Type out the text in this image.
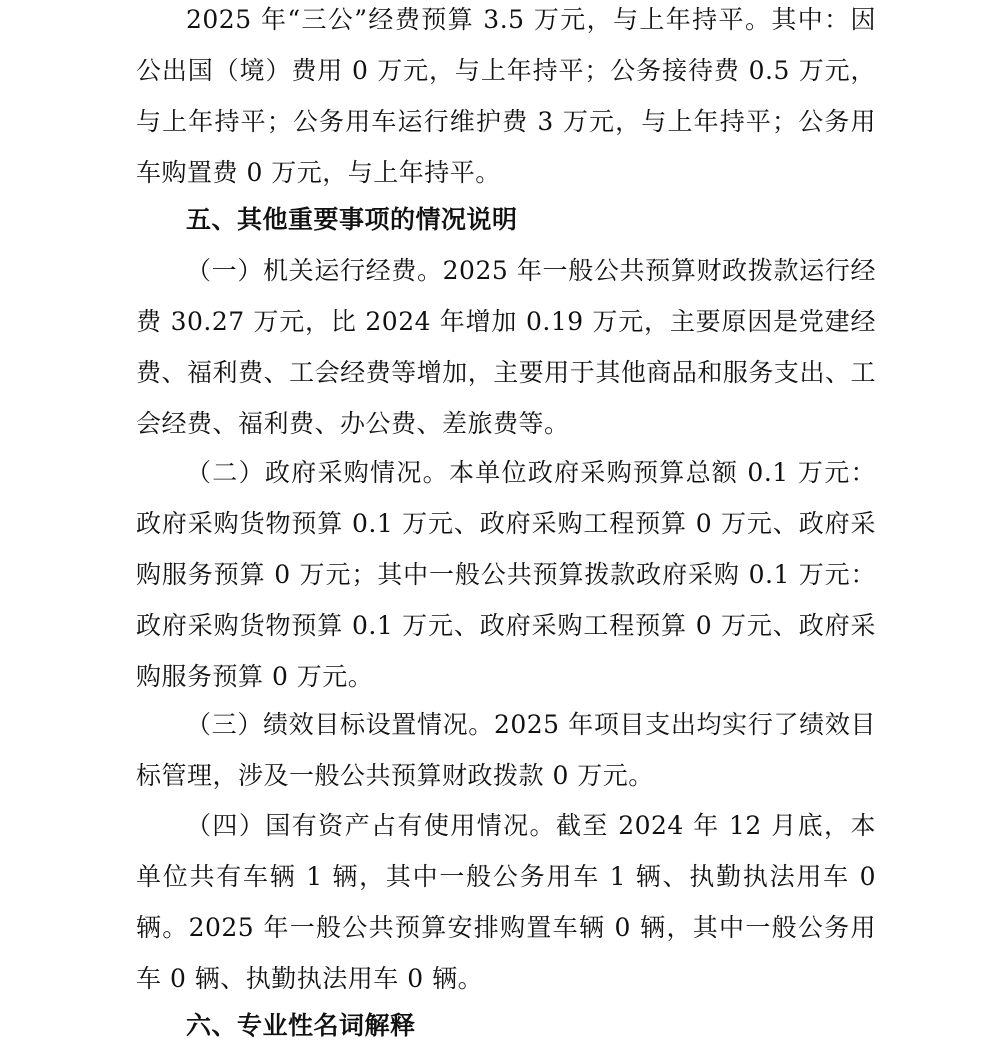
2025 年“三公”经费预算 3.5 万元，与上年持平。其中：因公出国（境）费用 0 万元，与上年持平；公务接待费 0.5 万元，与上年持平；公务用车运行维护费 3 万元，与上年持平；公务用车购置费 0 万元，与上年持平。

五、其他重要事项的情况说明

（一）机关运行经费。2025 年一般公共预算财政拨款运行经费 30.27 万元，比 2024 年增加 0.19 万元，主要原因是党建经费、福利费、工会经费等增加，主要用于其他商品和服务支出、工会经费、福利费、办公费、差旅费等。

（二）政府采购情况。本单位政府采购预算总额 0.1 万元：政府采购货物预算 0.1 万元、政府采购工程预算 0 万元、政府采购服务预算 0 万元；其中一般公共预算拨款政府采购 0.1 万元：政府采购货物预算 0.1 万元、政府采购工程预算 0 万元、政府采购服务预算 0 万元。

（三）绩效目标设置情况。2025 年项目支出均实行了绩效目标管理，涉及一般公共预算财政拨款 0 万元。

（四）国有资产占有使用情况。截至 2024 年 12 月底，本单位共有车辆 1 辆，其中一般公务用车 1 辆、执勤执法用车 0 辆。2025 年一般公共预算安排购置车辆 0 辆，其中一般公务用车 0 辆、执勤执法用车 0 辆。

六、专业性名词解释
